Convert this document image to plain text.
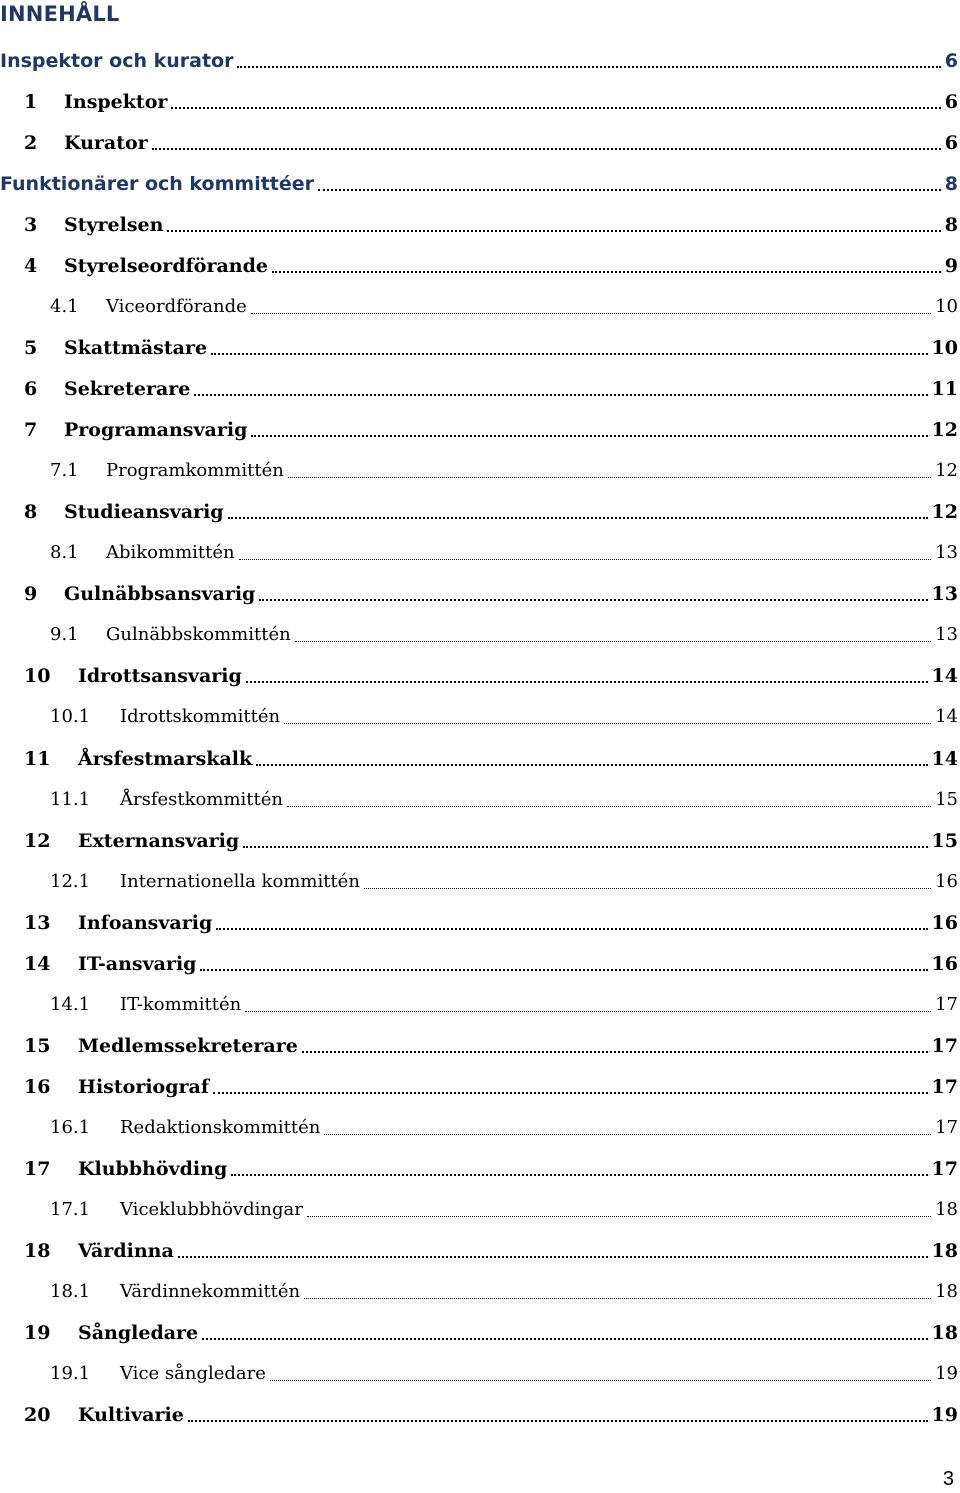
INNEHÅLL
Inspektor och kurator	6
1 Inspektor	6
2 Kurator	6
Funktionärer och kommittéer	8
3 Styrelsen	8
4 Styrelseordförande	9
4.1 Viceordförande	10
5 Skattmästare	10
6 Sekreterare	11
7 Programansvarig	12
7.1 Programkommittén	12
8 Studieansvarig	12
8.1 Abikommittén	13
9 Gulnäbbsansvarig	13
9.1 Gulnäbbskommittén	13
10 Idrottsansvarig	14
10.1 Idrottskommittén	14
11 Årsfestmarskalk	14
11.1 Årsfestkommittén	15
12 Externansvarig	15
12.1 Internationella kommittén	16
13 Infoansvarig	16
14 IT-ansvarig	16
14.1 IT-kommittén	17
15 Medlemssekreterare	17
16 Historiograf	17
16.1 Redaktionskommittén	17
17 Klubbhövding	17
17.1 Viceklubbhövdingar	18
18 Värdinna	18
18.1 Värdinnekommittén	18
19 Sångledare	18
19.1 Vice sångledare	19
20 Kultivarie	19
3
